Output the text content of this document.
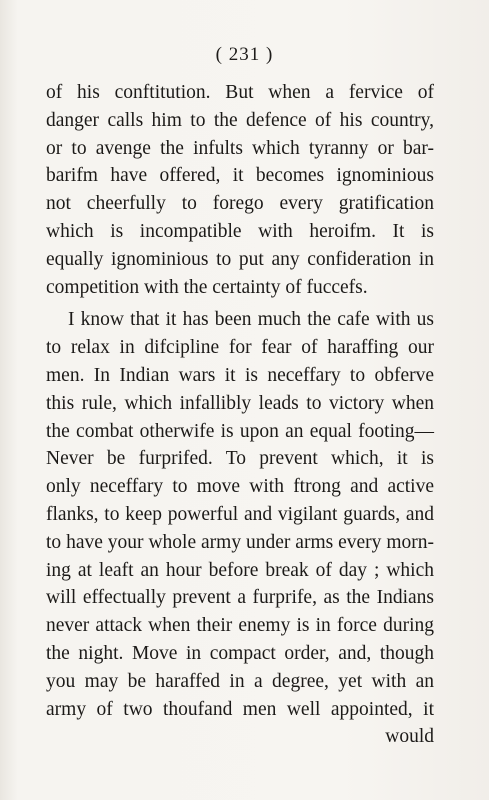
( 231 )
of his conftitution. But when a fervice of
danger calls him to the defence of his country,
or to avenge the infults which tyranny or bar-
barifm have offered, it becomes ignominious
not cheerfully to forego every gratification
which is incompatible with heroifm. It is
equally ignominious to put any confideration in
competition with the certainty of fuccefs.
I know that it has been much the cafe with us
to relax in difcipline for fear of haraffing our
men. In Indian wars it is neceffary to obferve
this rule, which infallibly leads to victory when
the combat otherwife is upon an equal footing—
Never be furprifed. To prevent which, it is
only neceffary to move with ftrong and active
flanks, to keep powerful and vigilant guards, and
to have your whole army under arms every morn-
ing at leaft an hour before break of day ; which
will effectually prevent a furprife, as the Indians
never attack when their enemy is in force during
the night. Move in compact order, and, though
you may be haraffed in a degree, yet with an
army of two thoufand men well appointed, it
would
